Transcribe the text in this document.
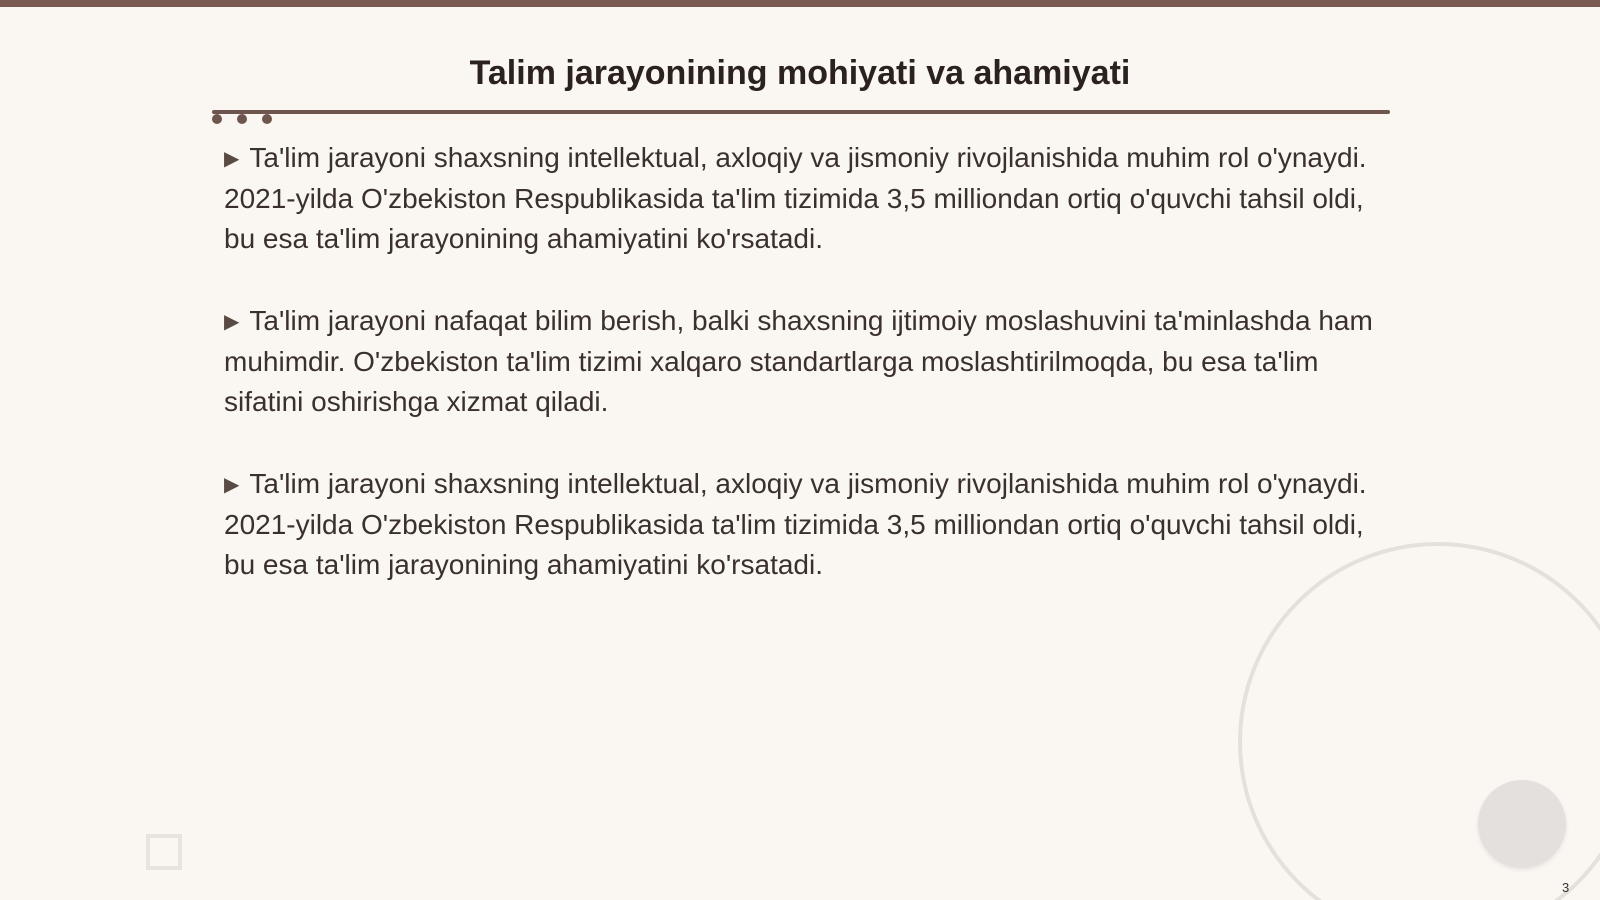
Talim jarayonining mohiyati va ahamiyati

▶ Ta'lim jarayoni shaxsning intellektual, axloqiy va jismoniy rivojlanishida muhim rol o'ynaydi. 2021-yilda O'zbekiston Respublikasida ta'lim tizimida 3,5 milliondan ortiq o'quvchi tahsil oldi, bu esa ta'lim jarayonining ahamiyatini ko'rsatadi.

▶ Ta'lim jarayoni nafaqat bilim berish, balki shaxsning ijtimoiy moslashuvini ta'minlashda ham muhimdir. O'zbekiston ta'lim tizimi xalqaro standartlarga moslashtirilmoqda, bu esa ta'lim sifatini oshirishga xizmat qiladi.

▶ Ta'lim jarayoni shaxsning intellektual, axloqiy va jismoniy rivojlanishida muhim rol o'ynaydi. 2021-yilda O'zbekiston Respublikasida ta'lim tizimida 3,5 milliondan ortiq o'quvchi tahsil oldi, bu esa ta'lim jarayonining ahamiyatini ko'rsatadi.

3
